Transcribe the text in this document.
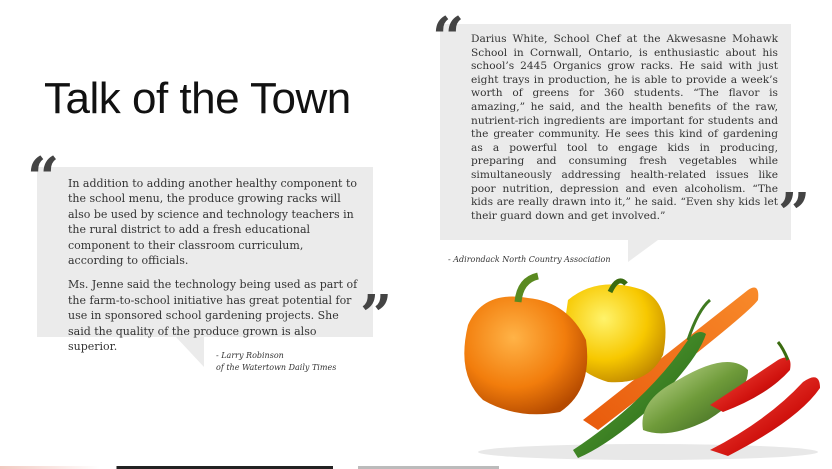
Talk of the Town
“
”

In addition to adding another healthy component to the school menu, the produce growing racks will also be used by science and technology teachers in the rural district to add a fresh educational component to their classroom curriculum, according to officials.

Ms. Jenne said the technology being used as part of the farm-to-school initiative has great potential for use in sponsored school gardening projects. She said the quality of the produce grown is also superior.

- Larry Robinson
of the Watertown Daily Times
“
”
Darius White, School Chef at the Akwesasne Mohawk School in Cornwall, Ontario, is enthusiastic about his school’s 2445 Organics grow racks. He said with just eight trays in production, he is able to provide a week’s worth of greens for 360 students. “The flavor is amazing,” he said, and the health benefits of the raw, nutrient-rich ingredients are important for students and the greater community. He sees this kind of gardening as a powerful tool to engage kids in producing, preparing and consuming fresh vegetables while simultaneously addressing health-related issues like poor nutrition, depression and even alcoholism. “The kids are really drawn into it,” he said. “Even shy kids let their guard down and get involved.”
- Adirondack North Country Association
